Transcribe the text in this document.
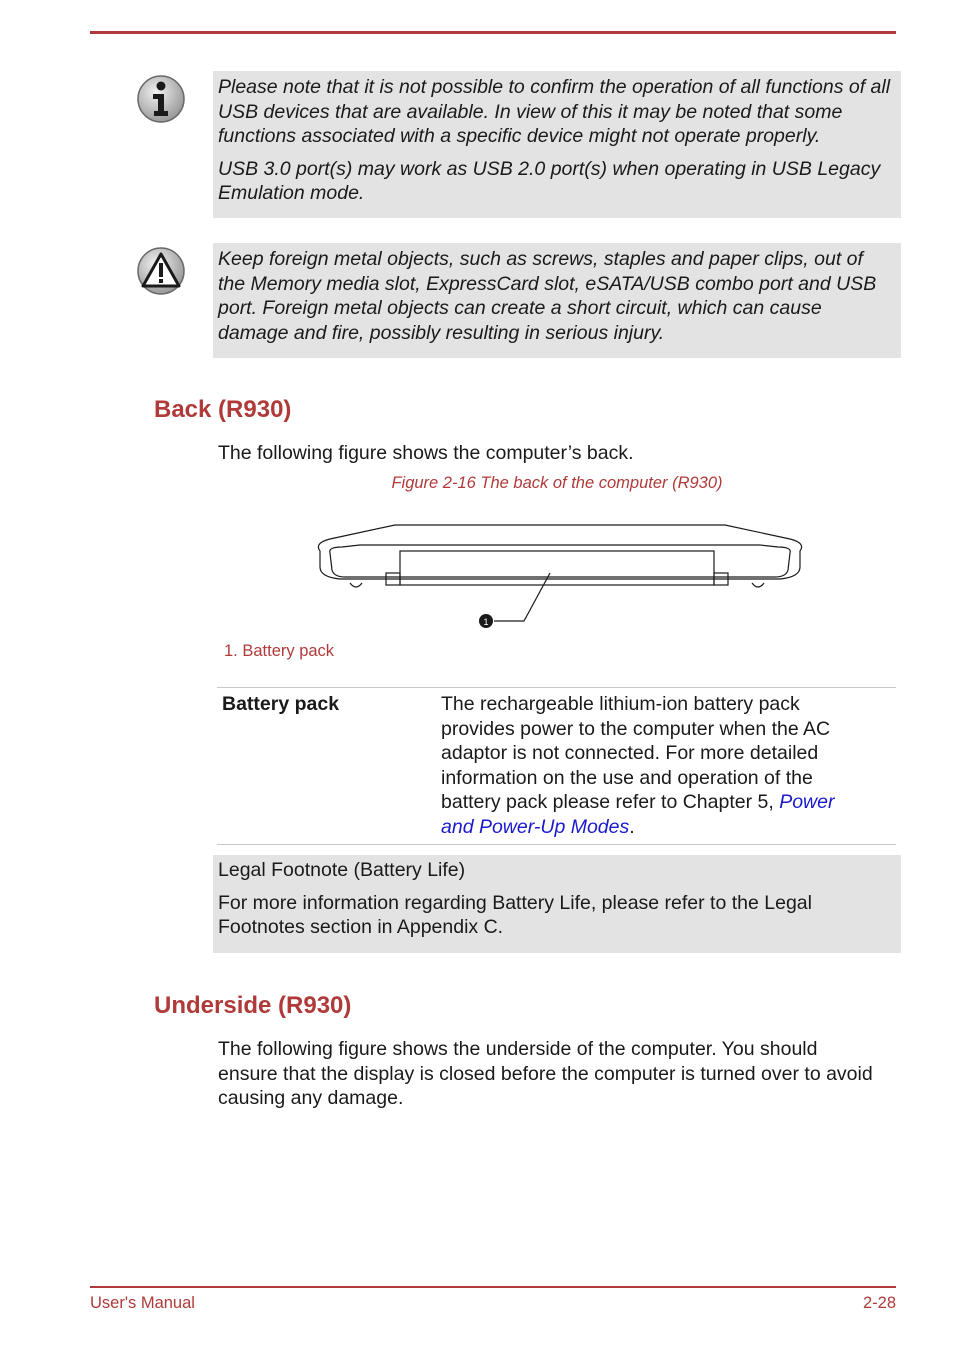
Please note that it is not possible to confirm the operation of all functions of all USB devices that are available. In view of this it may be noted that some functions associated with a specific device might not operate properly.

USB 3.0 port(s) may work as USB 2.0 port(s) when operating in USB Legacy Emulation mode.

Keep foreign metal objects, such as screws, staples and paper clips, out of the Memory media slot, ExpressCard slot, eSATA/USB combo port and USB port. Foreign metal objects can create a short circuit, which can cause damage and fire, possibly resulting in serious injury.

Back (R930)

The following figure shows the computer’s back.

Figure 2-16 The back of the computer (R930)
1
1. Battery pack
Battery pack	The rechargeable lithium-ion battery pack provides power to the computer when the AC adaptor is not connected. For more detailed information on the use and operation of the battery pack please refer to Chapter 5, Power and Power-Up Modes.

Legal Footnote (Battery Life)

For more information regarding Battery Life, please refer to the Legal Footnotes section in Appendix C.

Underside (R930)

The following figure shows the underside of the computer. You should ensure that the display is closed before the computer is turned over to avoid causing any damage.

User's Manual	2-28
